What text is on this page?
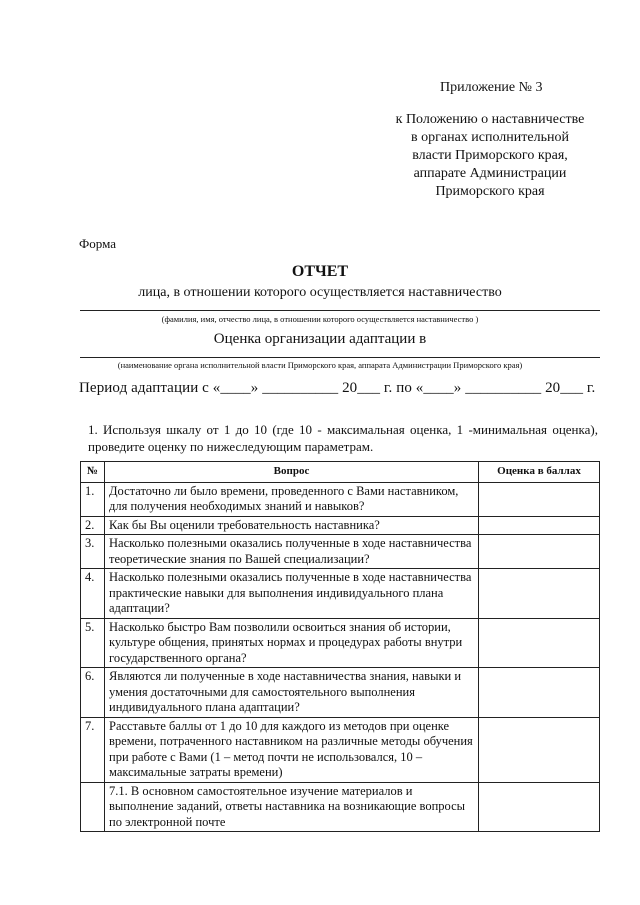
Приложение № 3
к Положению о наставничестве
в органах исполнительной
власти Приморского края,
аппарате Администрации
Приморского края
Форма
ОТЧЕТ
лица, в отношении которого осуществляется наставничество
(фамилия, имя, отчество лица, в отношении которого осуществляется наставничество )
Оценка организации адаптации в
(наименование органа исполнительной власти Приморского края, аппарата Администрации Приморского края)
Период адаптации с «____» __________ 20___ г. по «____» __________ 20___ г.
1. Используя шкалу от 1 до 10 (где 10 - максимальная оценка, 1 -минимальная оценка), проведите оценку по нижеследующим параметрам.
№	Вопрос	Оценка в баллах
1.	Достаточно ли было времени, проведенного с Вами наставником, для получения необходимых знаний и навыков?	
2.	Как бы Вы оценили требовательность наставника?	
3.	Насколько полезными оказались полученные в ходе наставничества теоретические знания по Вашей специализации?	
4.	Насколько полезными оказались полученные в ходе наставничества практические навыки для выполнения индивидуального плана адаптации?	
5.	Насколько быстро Вам позволили освоиться знания об истории, культуре общения, принятых нормах и процедурах работы внутри государственного органа?	
6.	Являются ли полученные в ходе наставничества знания, навыки и умения достаточными для самостоятельного выполнения индивидуального плана адаптации?	
7.	Расставьте баллы от 1 до 10 для каждого из методов при оценке времени, потраченного наставником на различные методы обучения при работе с Вами (1 – метод почти не использовался, 10 – максимальные затраты времени)	
	7.1. В основном самостоятельное изучение материалов и выполнение заданий, ответы наставника на возникающие вопросы по электронной почте	
